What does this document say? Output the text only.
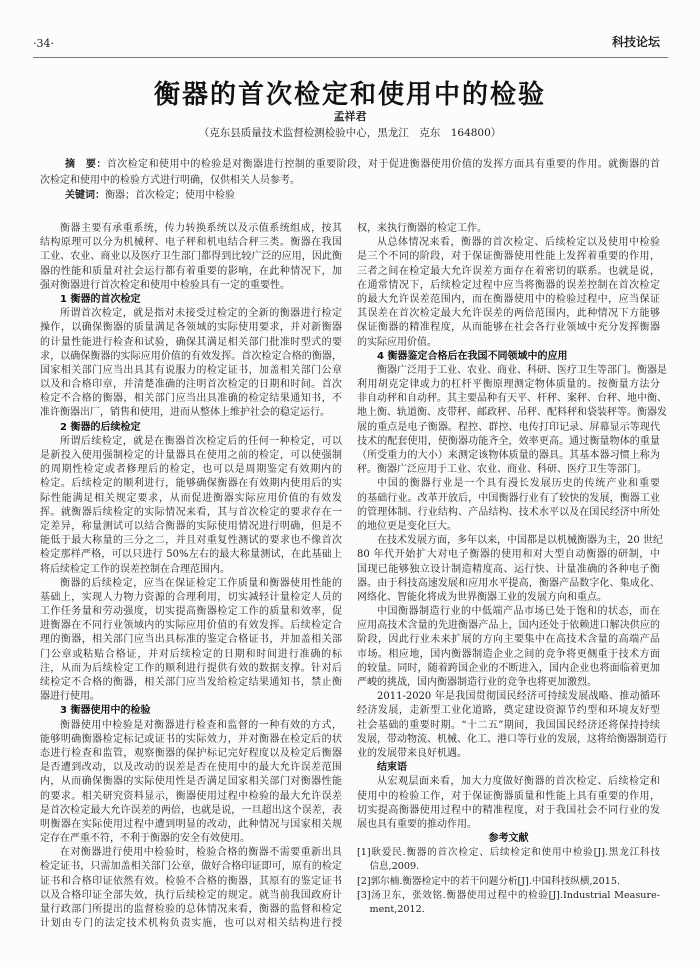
·34·	科技论坛
衡器的首次检定和使用中的检验
孟祥君
（克东县质量技术监督检测检验中心，黑龙江　克东　164800）
摘　要：首次检定和使用中的检验是对衡器进行控制的重要阶段，对于促进衡器使用价值的发挥方面具有重要的作用。就衡器的首
次检定和使用中的检验方式进行明确，仅供相关人员参考。
关键词：衡器；首次检定；使用中检验
衡器主要有承重系统，传力转换系统以及示值系统组成，按其
结构原理可以分为机械秤、电子秤和机电结合秤三类。衡器在我国
工业、农业、商业以及医疗卫生部门都得到比较广泛的应用，因此衡
器的性能和质量对社会运行都有着重要的影响，在此种情况下，加
强对衡器进行首次检定和使用中检验具有一定的重要性。
1 衡器的首次检定
所谓首次检定，就是指对未接受过检定的全新的衡器进行检定
操作，以确保衡器的质量满足各领域的实际使用要求，并对新衡器
的计量性能进行检查和试验，确保其满足相关部门批准时型式的要
求，以确保衡器的实际应用价值的有效发挥。首次检定合格的衡器，
国家相关部门应当出具其有说服力的检定证书，加盖相关部门公章
以及和合格印章，并清楚准确的注明首次检定的日期和时间。首次
检定不合格的衡器，相关部门应当出具准确的检定结果通知书，不
准许衡器出厂，销售和使用，进而从整体上维护社会的稳定运行。
2 衡器的后续检定
所谓后续检定，就是在衡器首次检定后的任何一种检定，可以
是新投入使用强制检定的计量器具在使用之前的检定，可以使强制
的周期性检定或者修理后的检定，也可以是周期鉴定有效期内的
检定。后续检定的顺利进行，能够确保衡器在有效期内使用后的实
际性能满足相关规定要求，从而促进衡器实际应用价值的有效发
挥。就衡器后续检定的实际情况来看，其与首次检定的要求存在一
定差异，称量测试可以结合衡器的实际使用情况进行明确，但是不
能低于最大称量的三分之二，并且对重复性测试的要求也不像首次
检定那样严格，可以只进行 50%左右的最大称量测试，在此基础上
将后续检定工作的误差控制在合理范围内。
衡器的后续检定，应当在保证检定工作质量和衡器使用性能的
基础上，实现人力物力资源的合理利用，切实减轻计量检定人员的
工作任务量和劳动强度，切实提高衡器检定工作的质量和效率，促
进衡器在不同行业领域内的实际应用价值的有效发挥。后续检定合
理的衡器，相关部门应当出具标准的鉴定合格证书，并加盖相关部
门公章或粘贴合格证，并对后续检定的日期和时间进行准确的标
注，从而为后续检定工作的顺利进行提供有效的数据支撑。针对后
续检定不合格的衡器，相关部门应当发给检定结果通知书，禁止衡
器进行使用。
3 衡器使用中的检验
衡器使用中检验是对衡器进行检查和监督的一种有效的方式，
能够明确衡器检定标记或证书的实际效力，并对衡器在检定后的状
态进行检查和监管，观察衡器的保护标记完好程度以及检定后衡器
是否遭到改动，以及改动的误差是否在使用中的最大允许误差范围
内，从而确保衡器的实际使用性是否满足国家相关部门对衡器性能
的要求。相关研究资料显示，衡器使用过程中检验的最大允许误差
是首次检定最大允许误差的两倍，也就是说，一旦超出这个误差，表
明衡器在实际使用过程中遭到明显的改动，此种情况与国家相关规
定存在严重不符，不利于衡器的安全有效使用。
在对衡器进行使用中检验时，检验合格的衡器不需要重新出具
检定证书，只需加盖相关部门公章，做好合格印证即可，原有的检定
证书和合格印证依然有效。检验不合格的衡器，其原有的鉴定证书
以及合格印证全部失效，执行后续检定的规定。就当前我国政府计
量行政部门所提出的监督检验的总体情况来看，衡器的监督和检定
计划由专门的法定技术机构负责实施，也可以对相关结构进行授
权，来执行衡器的检定工作。
从总体情况来看，衡器的首次检定、后续检定以及使用中检验
是三个不同的阶段，对于保证衡器使用性能上发挥着重要的作用，
三者之间在检定最大允许误差方面存在着密切的联系。也就是说，
在通常情况下，后续检定过程中应当将衡器的误差控制在首次检定
的最大允许误差范围内，而在衡器使用中的检验过程中，应当保证
其误差在首次检定最大允许误差的两倍范围内，此种情况下方能够
保证衡器的精准程度，从而能够在社会各行业领域中充分发挥衡器
的实际应用价值。
4 衡器鉴定合格后在我国不同领域中的应用
衡器广泛用于工业、农业、商业、科研、医疗卫生等部门。衡器是
利用胡克定律或力的杠杆平衡原理测定物体质量的。按衡量方法分
非自动秤和自动秤。其主要品种有天平、杆秤、案秤、台秤、地中衡、
地上衡、轨道衡、皮带秤、邮政秤、吊秤、配料秤和袋装秤等。衡器发
展的重点是电子衡器。程控、群控、电传打印记录、屏幕显示等现代
技术的配套使用，使衡器功能齐全，效率更高。通过衡量物体的重量
（所受重力的大小）来测定该物体质量的器具。其基本器习惯上称为
秤。衡器广泛应用于工业、农业、商业、科研、医疗卫生等部门。
中国的衡器行业是一个具有漫长发展历史的传统产业和重要
的基础行业。改革开放后，中国衡器行业有了较快的发展，衡器工业
的管理体制、行业结构、产品结构、技术水平以及在国民经济中所处
的地位更是变化巨大。
在技术发展方面，多年以来，中国都是以机械衡器为主，20 世纪
80 年代开始扩大对电子衡器的使用和对大型自动衡器的研制，中
国现已能够独立设计制造精度高、运行快、计量准确的各种电子衡
器。由于科技高速发展和应用水平提高，衡器产品数字化、集成化、
网络化、智能化将成为世界衡器工业的发展方向和重点。
中国衡器制造行业的中低端产品市场已处于饱和的状态，而在
应用高技术含量的先进衡器产品上，国内还处于依赖进口解决供应的
阶段，因此行业未来扩展的方向主要集中在高技术含量的高端产品
市场。相应地，国内衡器制造企业之间的竞争将更侧重于技术方面
的较量。同时，随着跨国企业的不断进入，国内企业也将面临着更加
严峻的挑战，国内衡器制造行业的竞争也将更加激烈。
2011-2020 年是我国贯彻国民经济可持续发展战略、推动循环
经济发展，走新型工业化道路，奠定建设资源节约型和环境友好型
社会基础的重要时期。“十二五”期间，我国国民经济还将保持持续
发展，带动物流、机械、化工、港口等行业的发展，这将给衡器制造行
业的发展带来良好机遇。
结束语
从宏观层面来看，加大力度做好衡器的首次检定、后续检定和
使用中的检验工作，对于保证衡器质量和性能上具有重要的作用，
切实提高衡器使用过程中的精准程度，对于我国社会不同行业的发
展也具有重要的推动作用。
参考文献
[1]耿爱民.衡器的首次检定、后续检定和使用中检验[J].黑龙江科技
信息,2009.
[2]郭尔楠.衡器检定中的若干问题分析[J].中国科技纵横,2015.
[3]汤卫东，张效铭.衡器使用过程中的检验[J].Industrial Measure-
ment,2012.
